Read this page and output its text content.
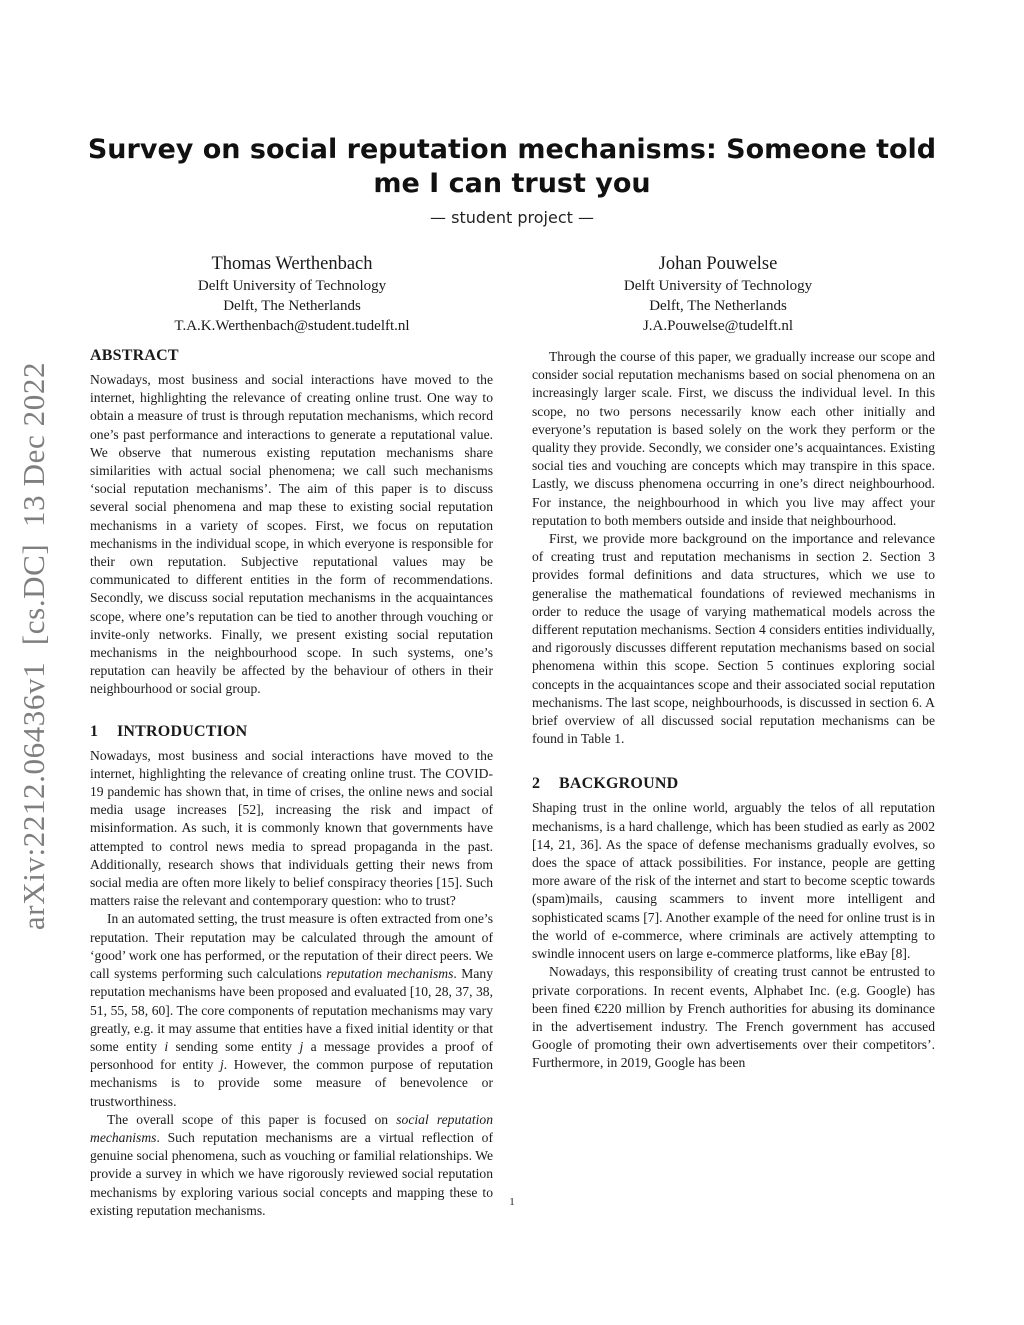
Survey on social reputation mechanisms: Someone told me I can trust you
— student project —
Thomas Werthenbach
Delft University of Technology
Delft, The Netherlands
T.A.K.Werthenbach@student.tudelft.nl
Johan Pouwelse
Delft University of Technology
Delft, The Netherlands
J.A.Pouwelse@tudelft.nl
arXiv:2212.06436v1  [cs.DC]  13 Dec 2022
ABSTRACT

Nowadays, most business and social interactions have moved to the internet, highlighting the relevance of creating online trust. One way to obtain a measure of trust is through reputation mechanisms, which record one’s past performance and interactions to generate a reputational value. We observe that numerous existing reputation mechanisms share similarities with actual social phenomena; we call such mechanisms ‘social reputation mechanisms’. The aim of this paper is to discuss several social phenomena and map these to existing social reputation mechanisms in a variety of scopes. First, we focus on reputation mechanisms in the individual scope, in which everyone is responsible for their own reputation. Subjective reputational values may be communicated to different entities in the form of recommendations. Secondly, we discuss social reputation mechanisms in the acquaintances scope, where one’s reputation can be tied to another through vouching or invite-only networks. Finally, we present existing social reputation mechanisms in the neighbourhood scope. In such systems, one’s reputation can heavily be affected by the behaviour of others in their neighbourhood or social group.

1 INTRODUCTION

Nowadays, most business and social interactions have moved to the internet, highlighting the relevance of creating online trust. The COVID-19 pandemic has shown that, in time of crises, the online news and social media usage increases [52], increasing the risk and impact of misinformation. As such, it is commonly known that governments have attempted to control news media to spread propaganda in the past. Additionally, research shows that individuals getting their news from social media are often more likely to belief conspiracy theories [15]. Such matters raise the relevant and contemporary question: who to trust?

In an automated setting, the trust measure is often extracted from one’s reputation. Their reputation may be calculated through the amount of ‘good’ work one has performed, or the reputation of their direct peers. We call systems performing such calculations reputation mechanisms. Many reputation mechanisms have been proposed and evaluated [10, 28, 37, 38, 51, 55, 58, 60]. The core components of reputation mechanisms may vary greatly, e.g. it may assume that entities have a fixed initial identity or that some entity i sending some entity j a message provides a proof of personhood for entity j. However, the common purpose of reputation mechanisms is to provide some measure of benevolence or trustworthiness.

The overall scope of this paper is focused on social reputation mechanisms. Such reputation mechanisms are a virtual reflection of genuine social phenomena, such as vouching or familial relationships. We provide a survey in which we have rigorously reviewed social reputation mechanisms by exploring various social concepts and mapping these to existing reputation mechanisms.

Through the course of this paper, we gradually increase our scope and consider social reputation mechanisms based on social phenomena on an increasingly larger scale. First, we discuss the individual level. In this scope, no two persons necessarily know each other initially and everyone’s reputation is based solely on the work they perform or the quality they provide. Secondly, we consider one’s acquaintances. Existing social ties and vouching are concepts which may transpire in this space. Lastly, we discuss phenomena occurring in one’s direct neighbourhood. For instance, the neighbourhood in which you live may affect your reputation to both members outside and inside that neighbourhood.

First, we provide more background on the importance and relevance of creating trust and reputation mechanisms in section 2. Section 3 provides formal definitions and data structures, which we use to generalise the mathematical foundations of reviewed mechanisms in order to reduce the usage of varying mathematical models across the different reputation mechanisms. Section 4 considers entities individually, and rigorously discusses different reputation mechanisms based on social phenomena within this scope. Section 5 continues exploring social concepts in the acquaintances scope and their associated social reputation mechanisms. The last scope, neighbourhoods, is discussed in section 6. A brief overview of all discussed social reputation mechanisms can be found in Table 1.

2 BACKGROUND

Shaping trust in the online world, arguably the telos of all reputation mechanisms, is a hard challenge, which has been studied as early as 2002 [14, 21, 36]. As the space of defense mechanisms gradually evolves, so does the space of attack possibilities. For instance, people are getting more aware of the risk of the internet and start to become sceptic towards (spam)mails, causing scammers to invent more intelligent and sophisticated scams [7]. Another example of the need for online trust is in the world of e-commerce, where criminals are actively attempting to swindle innocent users on large e-commerce platforms, like eBay [8].

Nowadays, this responsibility of creating trust cannot be entrusted to private corporations. In recent events, Alphabet Inc. (e.g. Google) has been fined €220 million by French authorities for abusing its dominance in the advertisement industry. The French government has accused Google of promoting their own advertisements over their competitors’. Furthermore, in 2019, Google has been

1
